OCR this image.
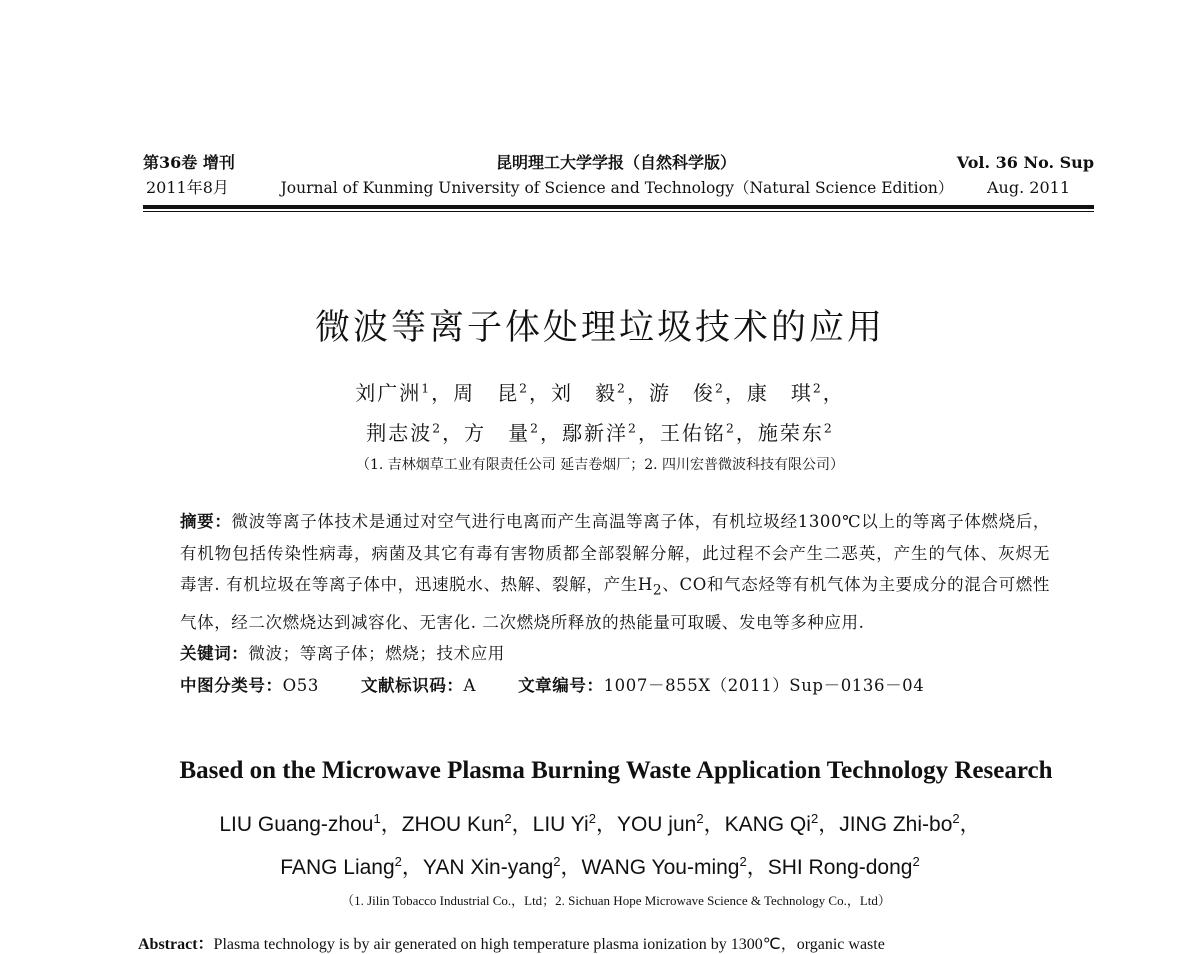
第36卷 增刊
2011年8月
昆明理工大学学报（自然科学版）
Journal of Kunming University of Science and Technology（Natural Science Edition）
Vol. 36 No. Sup
Aug. 2011
微波等离子体处理垃圾技术的应用
刘广洲$^1$，周　昆$^2$，刘　毅$^2$，游　俊$^2$，康　琪$^2$，
荆志波$^2$，方　量$^2$，鄢新洋$^2$，王佑铭$^2$，施荣东$^2$
（1. 吉林烟草工业有限责任公司 延吉卷烟厂；2. 四川宏普微波科技有限公司）

摘要：微波等离子体技术是通过对空气进行电离而产生高温等离子体，有机垃圾经1300℃以上的等离子体燃烧后，有机物包括传染性病毒，病菌及其它有毒有害物质都全部裂解分解，此过程不会产生二恶英，产生的气体、灰烬无毒害. 有机垃圾在等离子体中，迅速脱水、热解、裂解，产生$H_2$、CO和气态烃等有机气体为主要成分的混合可燃性气体，经二次燃烧达到减容化、无害化. 二次燃烧所释放的热能量可取暖、发电等多种应用.

关键词：微波；等离子体；燃烧；技术应用

中图分类号：O53	文献标识码：A	文章编号：1007－855X（2011）Sup－0136－04

Based on the Microwave Plasma Burning Waste Application Technology Research
LIU Guang-zhou$^1$，ZHOU Kun$^2$，LIU Yi$^2$，YOU jun$^2$，KANG Qi$^2$，JING Zhi-$bo^2$，
FANG Liang$^2$，YAN Xin-yang$^2$，WANG You-ming$^2$，SHI Rong-dong$^2$
（1. Jilin Tobacco Industrial Co.，Ltd；2. Sichuan Hope Microwave Science & Technology Co.，Ltd）
Abstract：Plasma technology is by air generated on high temperature plasma ionization by 1300℃，organic waste
